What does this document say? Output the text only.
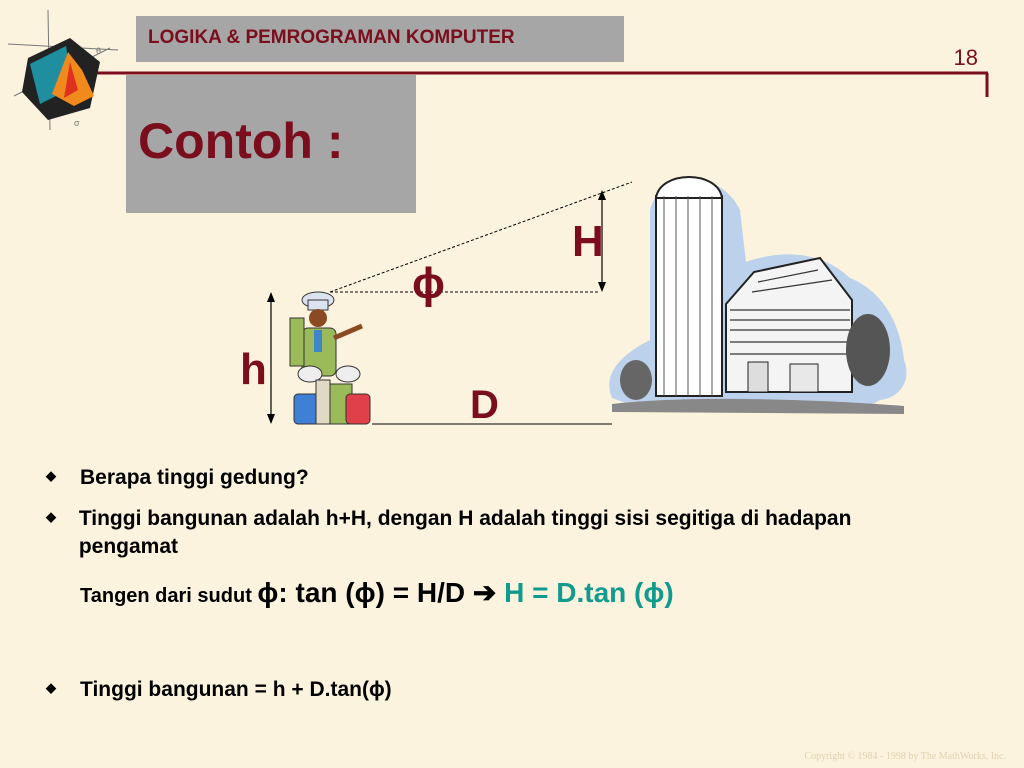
LOGIKA & PEMROGRAMAN KOMPUTER
18
Contoh :
σ
θ
H
ϕ
h
D
◆	Berapa tinggi gedung?
◆	Tinggi bangunan adalah h+H, dengan H adalah tinggi sisi segitiga di hadapan pengamat
Tangen dari sudut ϕ: tan (ϕ) = H/D ➔ H = D.tan (ϕ)
◆	Tinggi bangunan = h + D.tan(ϕ)
Copyright © 1984 - 1998 by The MathWorks, Inc.
